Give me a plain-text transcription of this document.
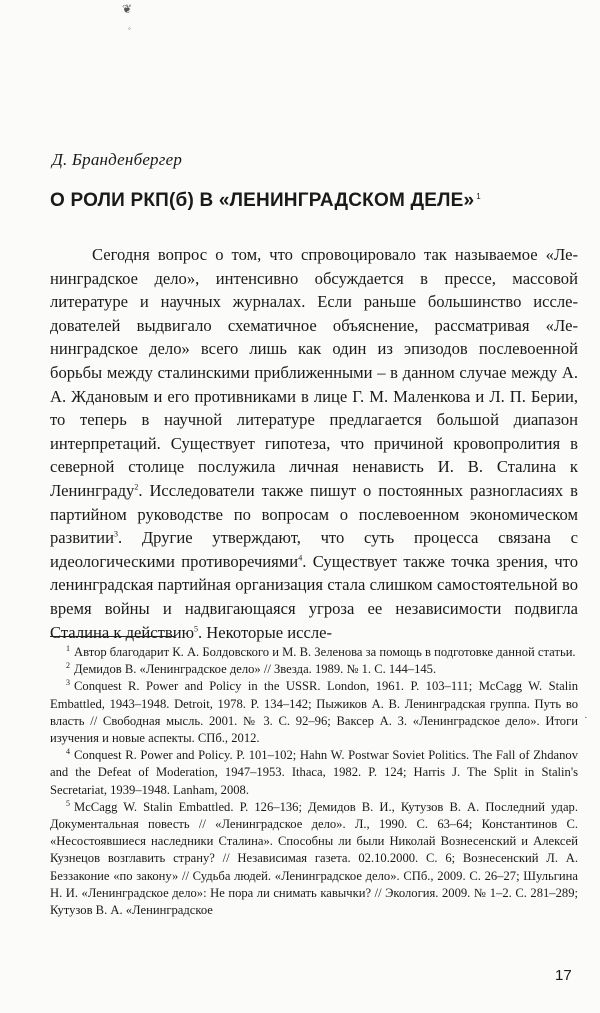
❦
◦
·
Д. Бранденбергер
О РОЛИ РКП(б) В «ЛЕНИНГРАДСКОМ ДЕЛЕ» $^1$
Сегодня вопрос о том, что спровоцировало так называемое «Ленинградское дело», интенсивно обсуждается в прессе, массовой литературе и научных журналах. Если раньше большинство исследователей выдвигало схематичное объяснение, рассматривая «Ленинградское дело» всего лишь как один из эпизодов послевоенной борьбы между сталинскими приближенными – в данном случае между А. А. Ждановым и его противниками в лице Г. М. Маленкова и Л. П. Берии, то теперь в научной литературе предлагается большой диапазон интерпретаций. Существует гипотеза, что причиной кровопролития в северной столице послужила личная ненависть И. В. Сталина к Ленинграду$^2$. Исследователи также пишут о постоянных разногласиях в партийном руководстве по вопросам о послевоенном экономическом развитии$^3$. Другие утверждают, что суть процесса связана с идеологическими противоречиями$^4$. Существует также точка зрения, что ленинградская партийная организация стала слишком самостоятельной во время войны и надвигающаяся угроза ее независимости подвигла Сталина к действию$^5$. Некоторые иссле-

$^1$ Автор благодарит К. А. Болдовского и М. В. Зеленова за помощь в подготовке данной статьи.

$^2$ Демидов В. «Ленинградское дело» // Звезда. 1989. № 1. С. 144–145.

$^3$ Conquest R. Power and Policy in the USSR. London, 1961. P. 103–111; McCagg W. Stalin Embattled, 1943–1948. Detroit, 1978. P. 134–142; Пыжиков А. В. Ленинградская группа. Путь во власть // Свободная мысль. 2001. № 3. С. 92–96; Ваксер А. З. «Ленинградское дело». Итоги изучения и новые аспекты. СПб., 2012.

$^4$ Conquest R. Power and Policy. P. 101–102; Hahn W. Postwar Soviet Politics. The Fall of Zhdanov and the Defeat of Moderation, 1947–1953. Ithaca, 1982. P. 124; Harris J. The Split in Stalin's Secretariat, 1939–1948. Lanham, 2008.

$^5$ McCagg W. Stalin Embattled. P. 126–136; Демидов В. И., Кутузов В. А. Последний удар. Документальная повесть // «Ленинградское дело». Л., 1990. С. 63–64; Константинов С. «Несостоявшиеся наследники Сталина». Способны ли были Николай Вознесенский и Алексей Кузнецов возглавить страну? // Независимая газета. 02.10.2000. С. 6; Вознесенский Л. А. Беззаконие «по закону» // Судьба людей. «Ленинградское дело». СПб., 2009. С. 26–27; Шульгина Н. И. «Ленинградское дело»: Не пора ли снимать кавычки? // Экология. 2009. № 1–2. С. 281–289; Кутузов В. А. «Ленинградское

17
